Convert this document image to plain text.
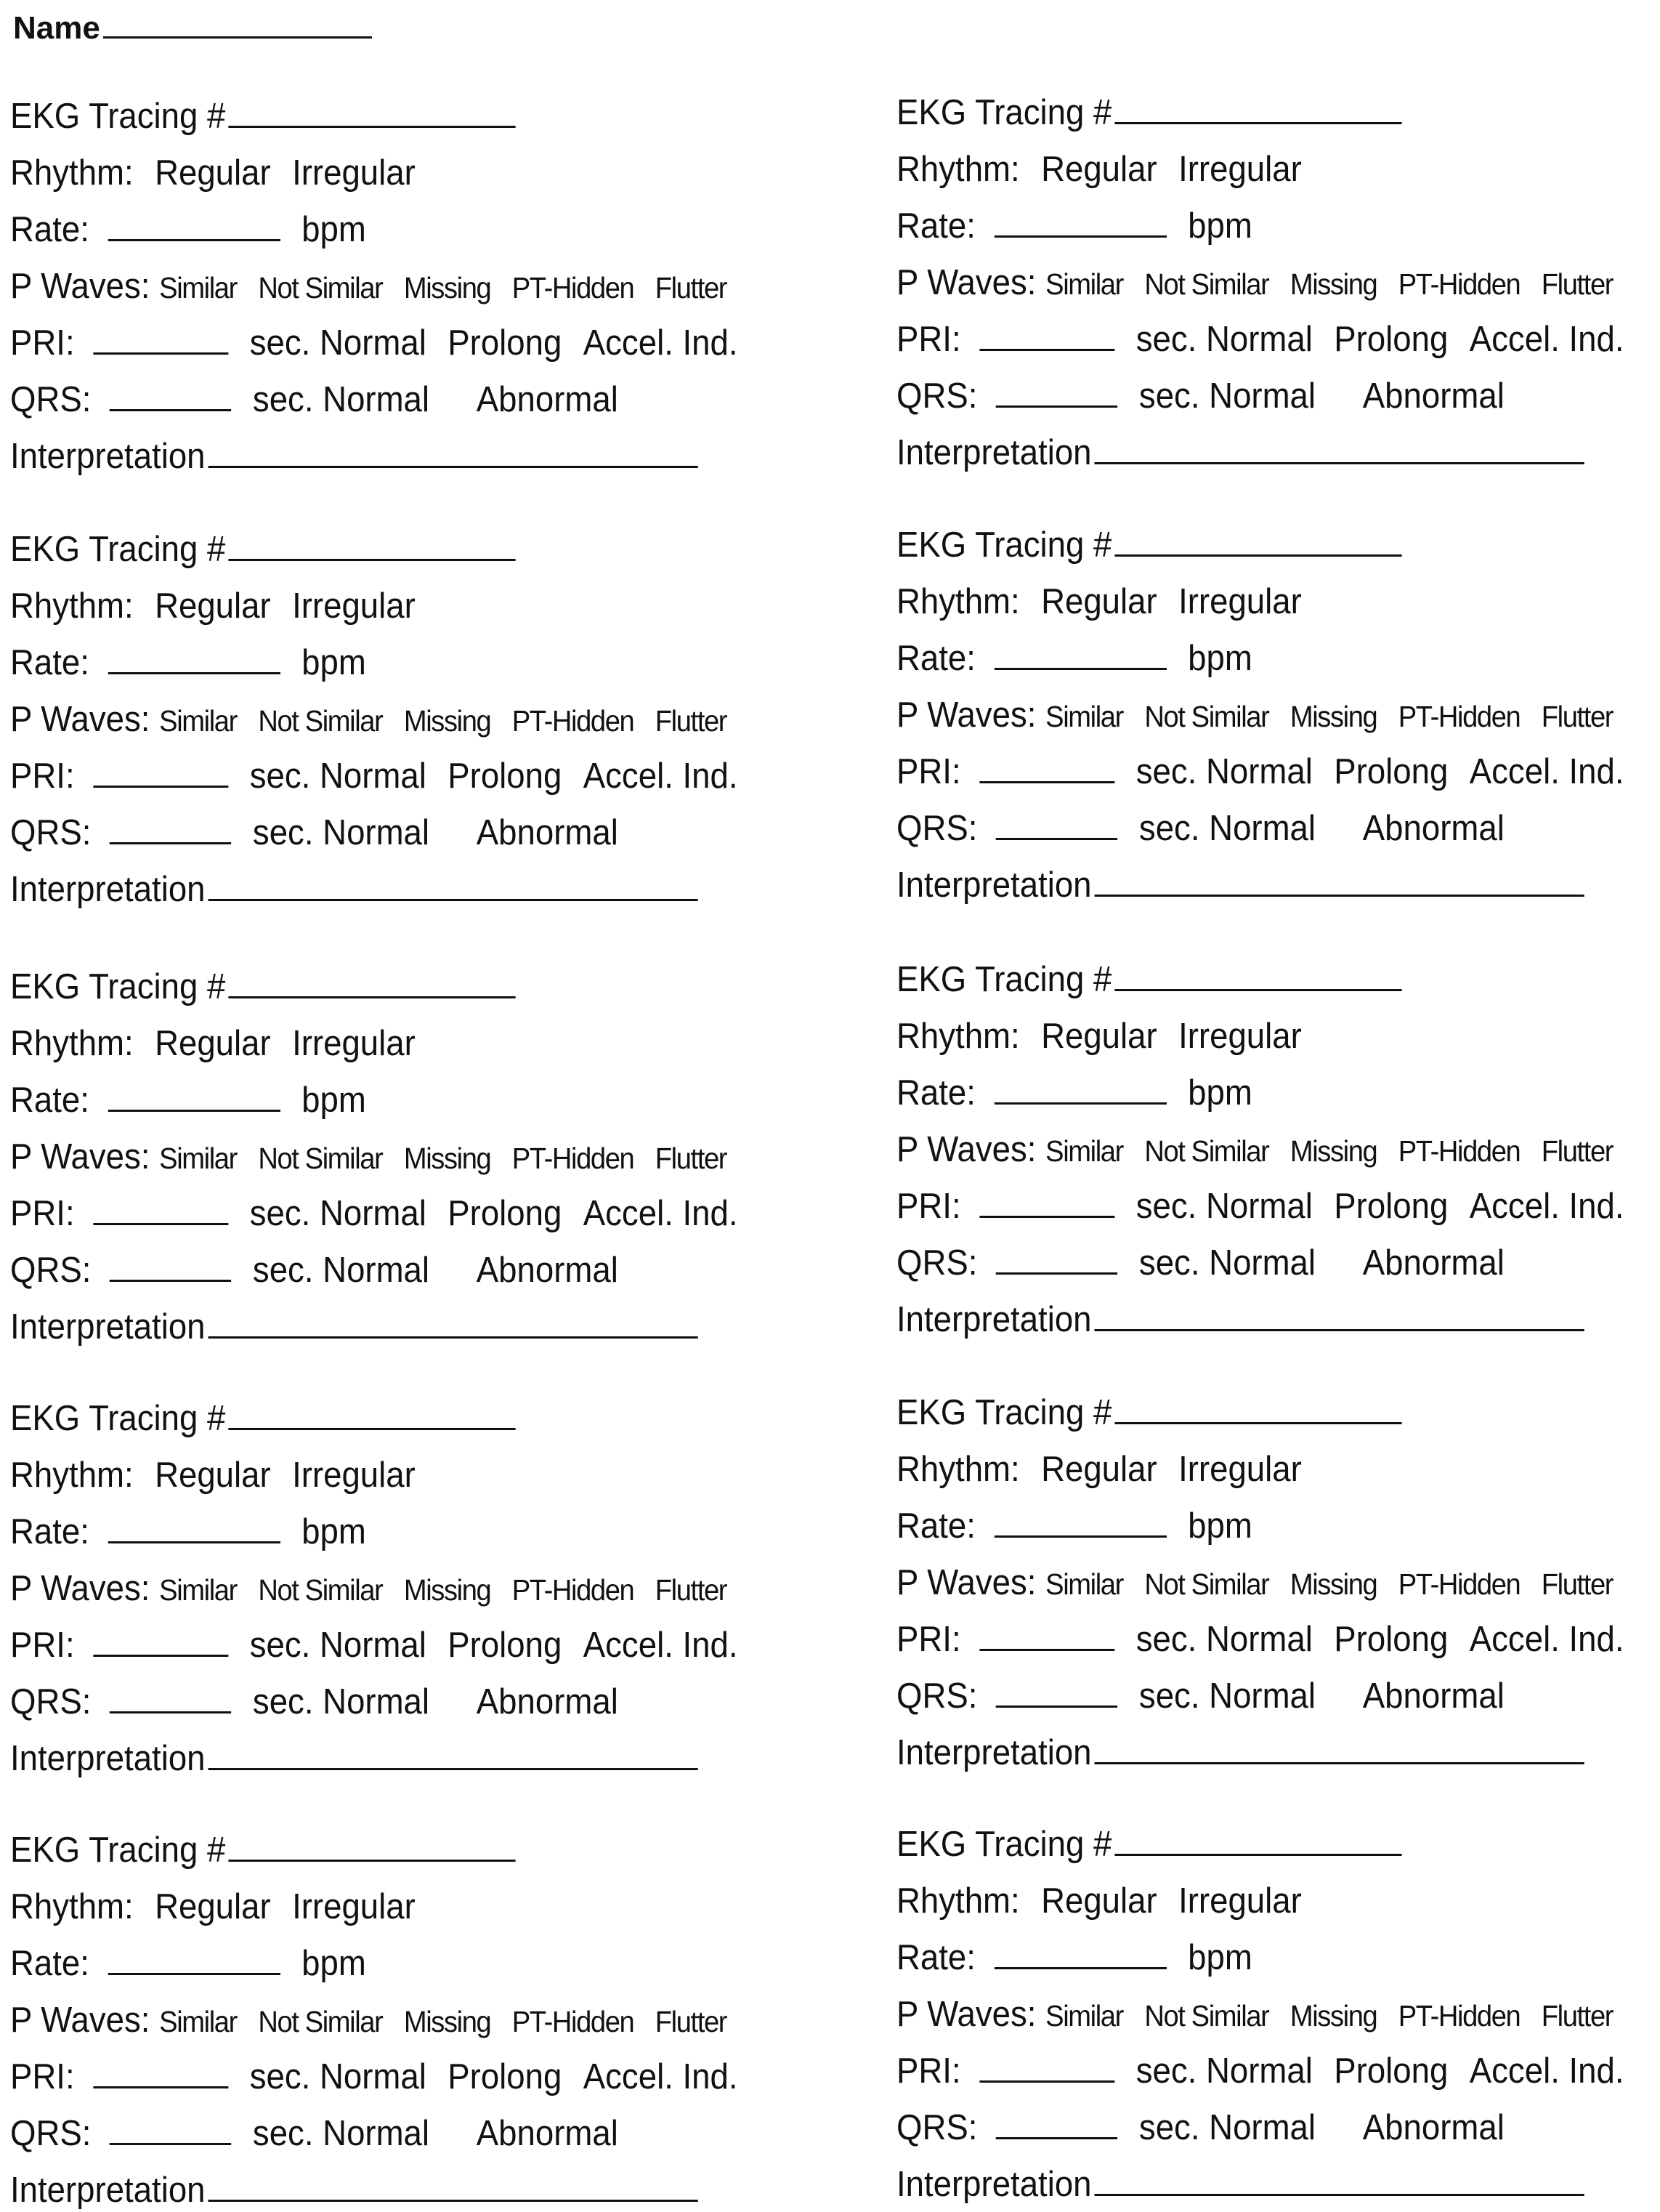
Name
EKG Tracing #
Rhythm: Regular Irregular
Rate:	bpm
P Waves: Similar Not Similar Missing PT-Hidden Flutter
PRI:	sec. Normal Prolong Accel. Ind.
QRS:	sec. Normal Abnormal
Interpretation
EKG Tracing #
Rhythm: Regular Irregular
Rate:	bpm
P Waves: Similar Not Similar Missing PT-Hidden Flutter
PRI:	sec. Normal Prolong Accel. Ind.
QRS:	sec. Normal Abnormal
Interpretation
EKG Tracing #
Rhythm: Regular Irregular
Rate:	bpm
P Waves: Similar Not Similar Missing PT-Hidden Flutter
PRI:	sec. Normal Prolong Accel. Ind.
QRS:	sec. Normal Abnormal
Interpretation
EKG Tracing #
Rhythm: Regular Irregular
Rate:	bpm
P Waves: Similar Not Similar Missing PT-Hidden Flutter
PRI:	sec. Normal Prolong Accel. Ind.
QRS:	sec. Normal Abnormal
Interpretation
EKG Tracing #
Rhythm: Regular Irregular
Rate:	bpm
P Waves: Similar Not Similar Missing PT-Hidden Flutter
PRI:	sec. Normal Prolong Accel. Ind.
QRS:	sec. Normal Abnormal
Interpretation
EKG Tracing #
Rhythm: Regular Irregular
Rate:	bpm
P Waves: Similar Not Similar Missing PT-Hidden Flutter
PRI:	sec. Normal Prolong Accel. Ind.
QRS:	sec. Normal Abnormal
Interpretation
EKG Tracing #
Rhythm: Regular Irregular
Rate:	bpm
P Waves: Similar Not Similar Missing PT-Hidden Flutter
PRI:	sec. Normal Prolong Accel. Ind.
QRS:	sec. Normal Abnormal
Interpretation
EKG Tracing #
Rhythm: Regular Irregular
Rate:	bpm
P Waves: Similar Not Similar Missing PT-Hidden Flutter
PRI:	sec. Normal Prolong Accel. Ind.
QRS:	sec. Normal Abnormal
Interpretation
EKG Tracing #
Rhythm: Regular Irregular
Rate:	bpm
P Waves: Similar Not Similar Missing PT-Hidden Flutter
PRI:	sec. Normal Prolong Accel. Ind.
QRS:	sec. Normal Abnormal
Interpretation
EKG Tracing #
Rhythm: Regular Irregular
Rate:	bpm
P Waves: Similar Not Similar Missing PT-Hidden Flutter
PRI:	sec. Normal Prolong Accel. Ind.
QRS:	sec. Normal Abnormal
Interpretation
